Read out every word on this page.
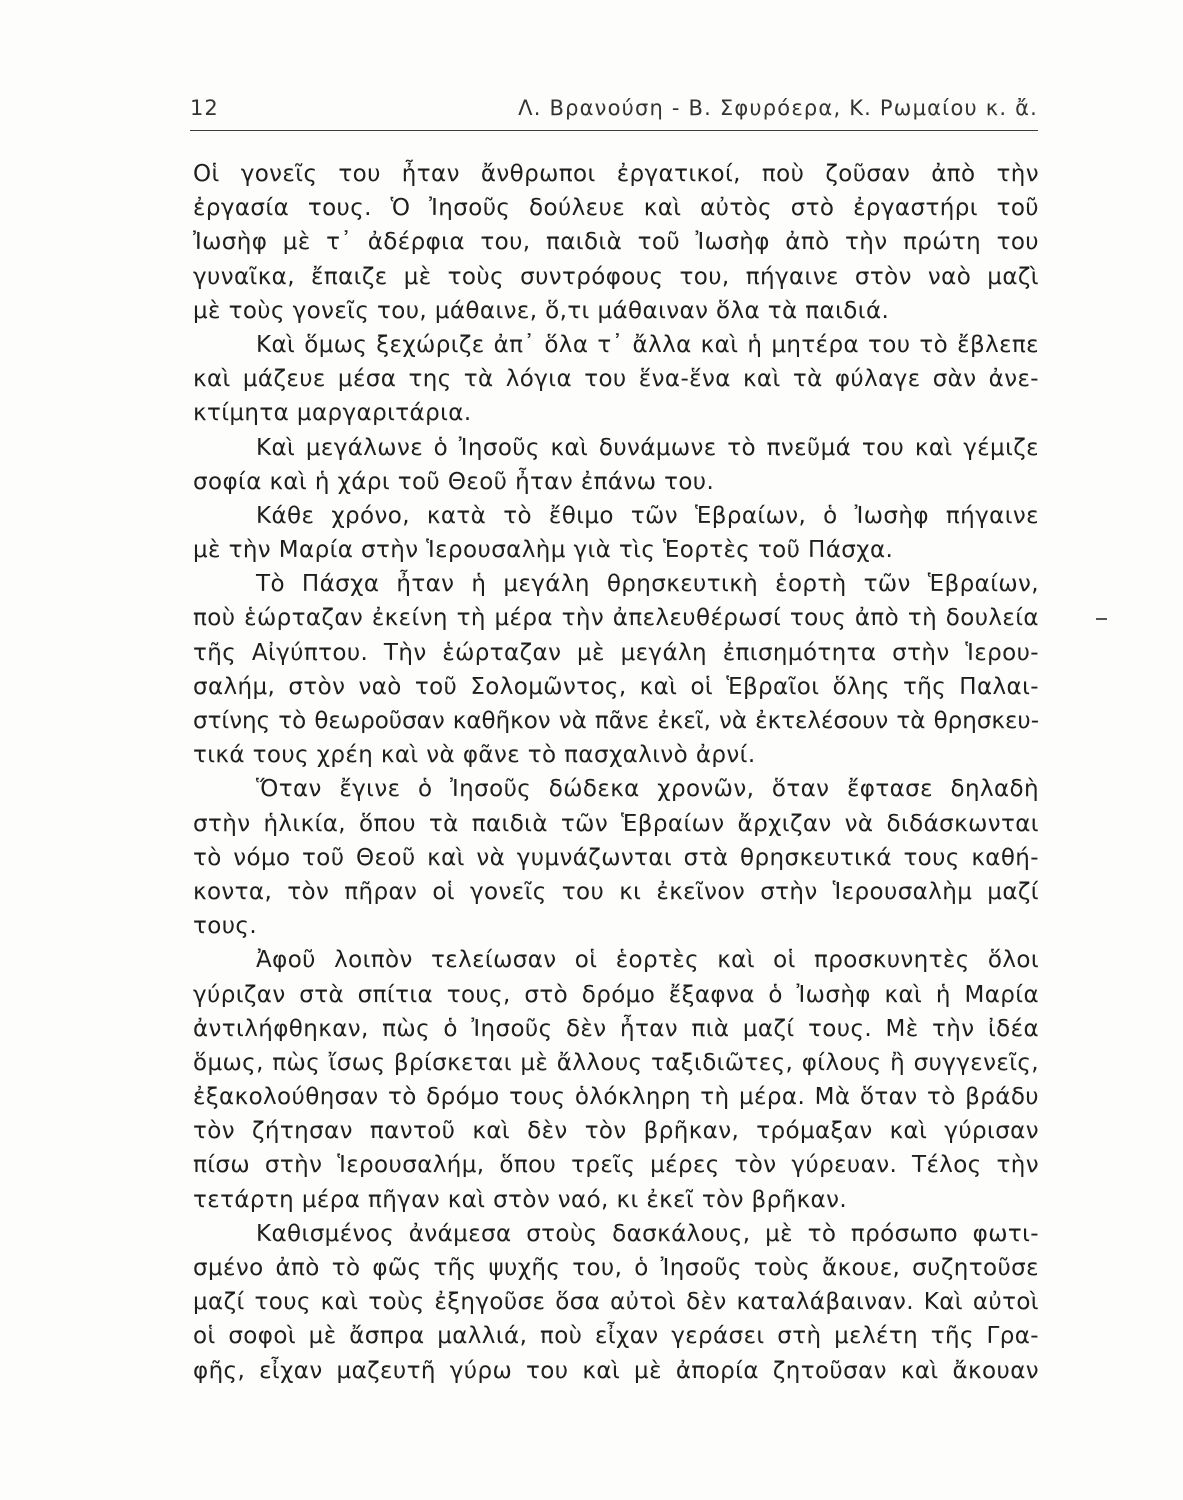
12	Λ. Βρανούση - Β. Σφυρόερα, Κ. Ρωμαίου κ. ἄ.
Οἱ γονεῖς του ἦταν ἄνθρωποι ἐργατικοί, ποὺ ζοῦσαν ἀπὸ τὴν
ἐργασία τους. Ὁ Ἰησοῦς δούλευε καὶ αὐτὸς στὸ ἐργαστήρι τοῦ
Ἰωσὴφ μὲ τ᾿ ἀδέρφια του, παιδιὰ τοῦ Ἰωσὴφ ἀπὸ τὴν πρώτη του
γυναῖκα, ἔπαιζε μὲ τοὺς συντρόφους του, πήγαινε στὸν ναὸ μαζὶ
μὲ τοὺς γονεῖς του, μάθαινε, ὅ,τι μάθαιναν ὅλα τὰ παιδιά.
Καὶ ὅμως ξεχώριζε ἀπ᾿ ὅλα τ᾿ ἄλλα καὶ ἡ μητέρα του τὸ ἔβλεπε
καὶ μάζευε μέσα της τὰ λόγια του ἕνα-ἕνα καὶ τὰ φύλαγε σὰν ἀνε-
κτίμητα μαργαριτάρια.
Καὶ μεγάλωνε ὁ Ἰησοῦς καὶ δυνάμωνε τὸ πνεῦμά του καὶ γέμιζε
σοφία καὶ ἡ χάρι τοῦ Θεοῦ ἦταν ἐπάνω του.
Κάθε χρόνο, κατὰ τὸ ἔθιμο τῶν Ἑβραίων, ὁ Ἰωσὴφ πήγαινε
μὲ τὴν Μαρία στὴν Ἱερουσαλὴμ γιὰ τὶς Ἑορτὲς τοῦ Πάσχα.
Τὸ Πάσχα ἦταν ἡ μεγάλη θρησκευτικὴ ἑορτὴ τῶν Ἑβραίων,
ποὺ ἑώρταζαν ἐκείνη τὴ μέρα τὴν ἀπελευθέρωσί τους ἀπὸ τὴ δουλεία
τῆς Αἰγύπτου. Τὴν ἑώρταζαν μὲ μεγάλη ἐπισημότητα στὴν Ἱερου-
σαλήμ, στὸν ναὸ τοῦ Σολομῶντος, καὶ οἱ Ἑβραῖοι ὅλης τῆς Παλαι-
στίνης τὸ θεωροῦσαν καθῆκον νὰ πᾶνε ἐκεῖ, νὰ ἐκτελέσουν τὰ θρησκευ-
τικά τους χρέη καὶ νὰ φᾶνε τὸ πασχαλινὸ ἀρνί.
Ὅταν ἔγινε ὁ Ἰησοῦς δώδεκα χρονῶν, ὅταν ἔφτασε δηλαδὴ
στὴν ἡλικία, ὅπου τὰ παιδιὰ τῶν Ἑβραίων ἄρχιζαν νὰ διδάσκωνται
τὸ νόμο τοῦ Θεοῦ καὶ νὰ γυμνάζωνται στὰ θρησκευτικά τους καθή-
κοντα, τὸν πῆραν οἱ γονεῖς του κι ἐκεῖνον στὴν Ἱερουσαλὴμ μαζί
τους.
Ἀφοῦ λοιπὸν τελείωσαν οἱ ἑορτὲς καὶ οἱ προσκυνητὲς ὅλοι
γύριζαν στὰ σπίτια τους, στὸ δρόμο ἔξαφνα ὁ Ἰωσὴφ καὶ ἡ Μαρία
ἀντιλήφθηκαν, πὼς ὁ Ἰησοῦς δὲν ἦταν πιὰ μαζί τους. Μὲ τὴν ἰδέα
ὅμως, πὼς ἴσως βρίσκεται μὲ ἄλλους ταξιδιῶτες, φίλους ἢ συγγενεῖς,
ἐξακολούθησαν τὸ δρόμο τους ὁλόκληρη τὴ μέρα. Μὰ ὅταν τὸ βράδυ
τὸν ζήτησαν παντοῦ καὶ δὲν τὸν βρῆκαν, τρόμαξαν καὶ γύρισαν
πίσω στὴν Ἱερουσαλήμ, ὅπου τρεῖς μέρες τὸν γύρευαν. Τέλος τὴν
τετάρτη μέρα πῆγαν καὶ στὸν ναό, κι ἐκεῖ τὸν βρῆκαν.
Καθισμένος ἀνάμεσα στοὺς δασκάλους, μὲ τὸ πρόσωπο φωτι-
σμένο ἀπὸ τὸ φῶς τῆς ψυχῆς του, ὁ Ἰησοῦς τοὺς ἄκουε, συζητοῦσε
μαζί τους καὶ τοὺς ἐξηγοῦσε ὅσα αὐτοὶ δὲν καταλάβαιναν. Καὶ αὐτοὶ
οἱ σοφοὶ μὲ ἄσπρα μαλλιά, ποὺ εἶχαν γεράσει στὴ μελέτη τῆς Γρα-
φῆς, εἶχαν μαζευτῆ γύρω του καὶ μὲ ἀπορία ζητοῦσαν καὶ ἄκουαν
